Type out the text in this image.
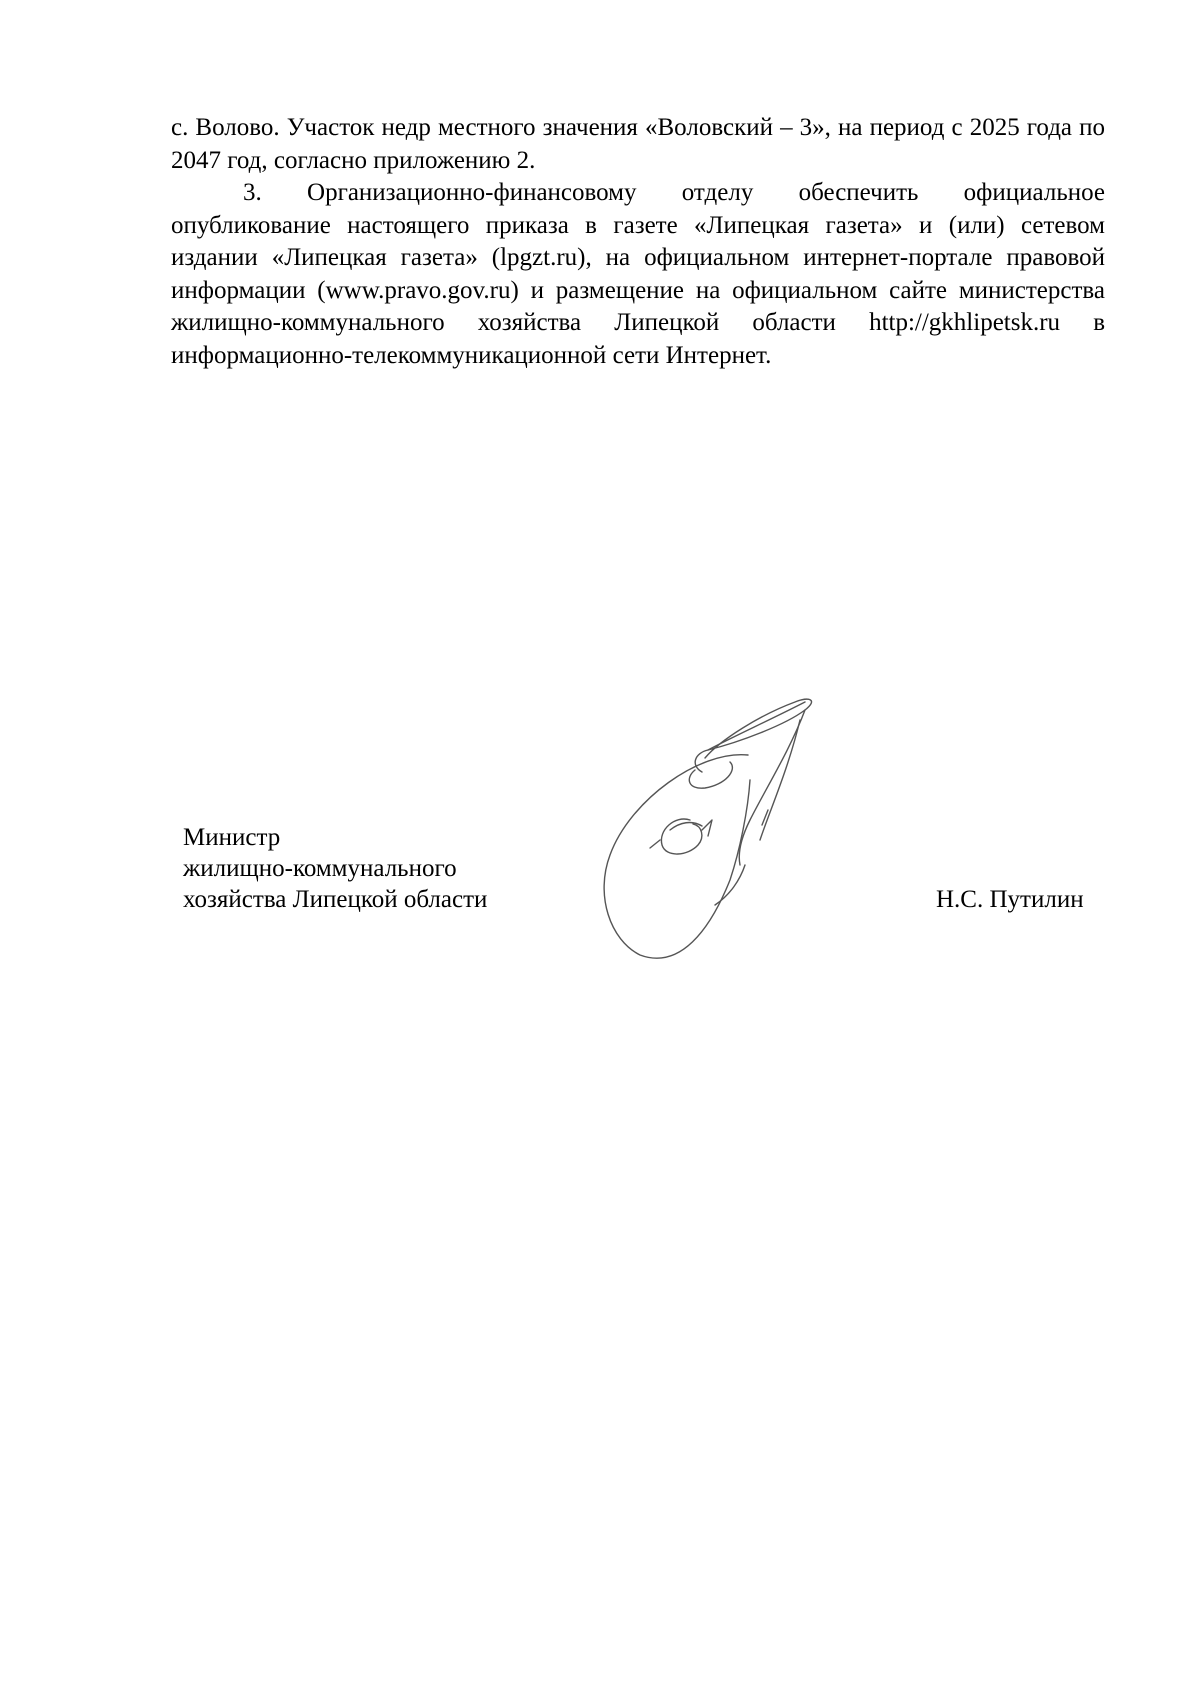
с. Волово. Участок недр местного значения «Воловский – 3», на период с 2025 года по 2047 год, согласно приложению 2.

3. Организационно-финансовому отделу обеспечить официальное опубликование настоящего приказа в газете «Липецкая газета» и (или) сетевом издании «Липецкая газета» (lpgzt.ru), на официальном интернет-портале правовой информации (www.pravo.gov.ru) и размещение на официальном сайте министерства жилищно-коммунального хозяйства Липецкой области http://gkhlipetsk.ru в информационно-телекоммуникационной сети Интернет.

Министр
жилищно-коммунального
хозяйства Липецкой области	Н.С. Путилин
